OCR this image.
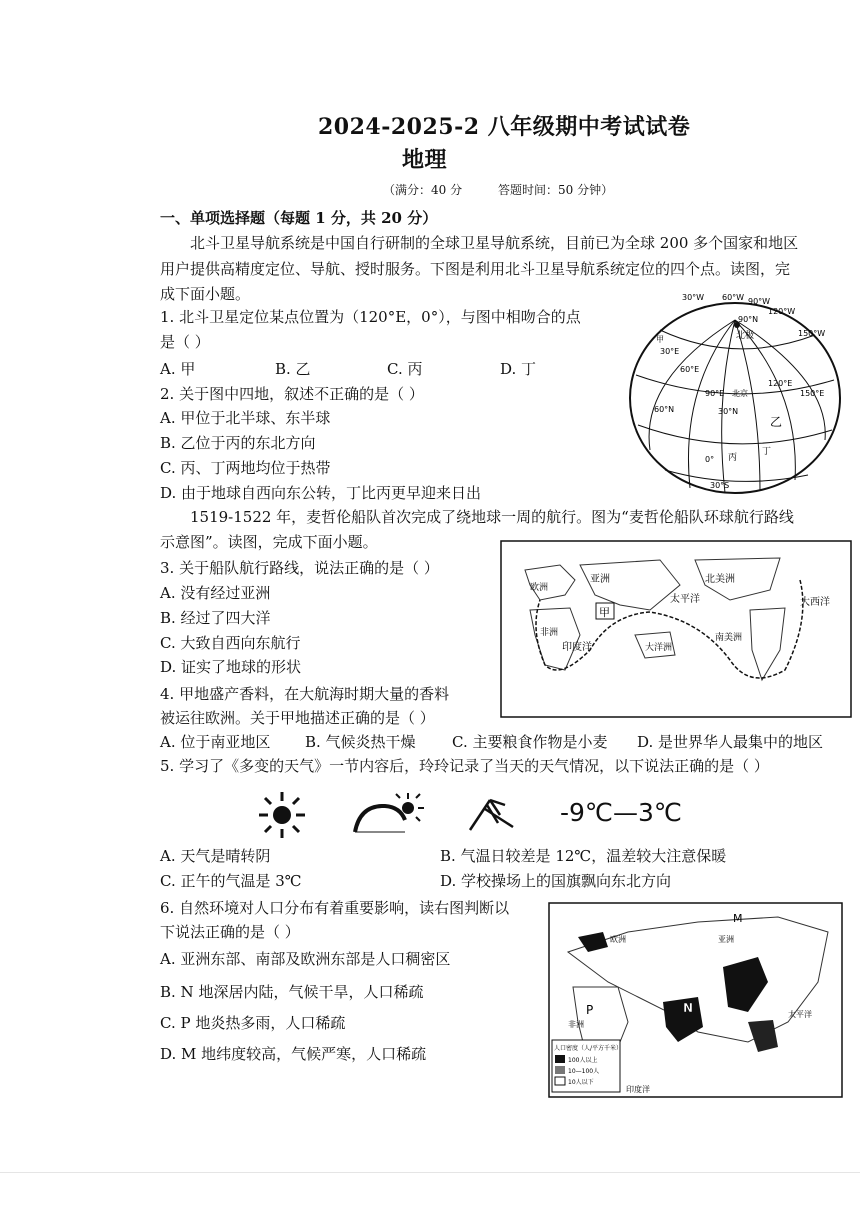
2024-2025-2 八年级期中考试试卷
地理
（满分：40 分	答题时间：50 分钟）
一、单项选择题（每题 1 分，共 20 分）
北斗卫星导航系统是中国自行研制的全球卫星导航系统，目前已为全球 200 多个国家和地区
用户提供高精度定位、导航、授时服务。下图是利用北斗卫星导航系统定位的四个点。读图，完
成下面小题。
1. 北斗卫星定位某点位置为（120°E，0°），与图中相吻合的点
是（ ）
A. 甲	B. 乙	C. 丙	D. 丁
2. 关于图中四地，叙述不正确的是（ ）
A. 甲位于北半球、东半球
B. 乙位于丙的东北方向
C. 丙、丁两地均位于热带
D. 由于地球自西向东公转，丁比丙更早迎来日出
30°W 60°W 90°W
120°W
150°W
90°N
北极
甲
30°E
60°E
120°E
150°E
90°E 北京
30°N
60°N
乙
0° 丙
丁
30°S
1519-1522 年，麦哲伦船队首次完成了绕地球一周的航行。图为“麦哲伦船队环球航行路线
示意图”。读图，完成下面小题。
3. 关于船队航行路线，说法正确的是（ ）
A. 没有经过亚洲
B. 经过了四大洋
C. 大致自西向东航行
D. 证实了地球的形状
甲
亚洲
欧洲
非洲
印度洋	大洋洲
太平洋
北美洲
南美洲
大西洋
4. 甲地盛产香料，在大航海时期大量的香料
被运往欧洲。关于甲地描述正确的是（ ）
A. 位于南亚地区 B. 气候炎热干燥 C. 主要粮食作物是小麦 D. 是世界华人最集中的地区
5. 学习了《多变的天气》一节内容后，玲玲记录了当天的天气情况，以下说法正确的是（ ）
-9℃—3℃
A. 天气是晴转阴	B. 气温日较差是 12℃，温差较大注意保暖
C. 正午的气温是 3℃	D. 学校操场上的国旗飘向东北方向
6. 自然环境对人口分布有着重要影响，读右图判断以
下说法正确的是（ ）
A. 亚洲东部、南部及欧洲东部是人口稠密区
B. N 地深居内陆，气候干旱，人口稀疏
C. P 地炎热多雨，人口稀疏
D. M 地纬度较高，气候严寒，人口稀疏
M
N
P
欧洲	亚洲
非洲
太平洋
印度洋
人口密度（人/平方千米）
100人以上
10—100人
10人以下
